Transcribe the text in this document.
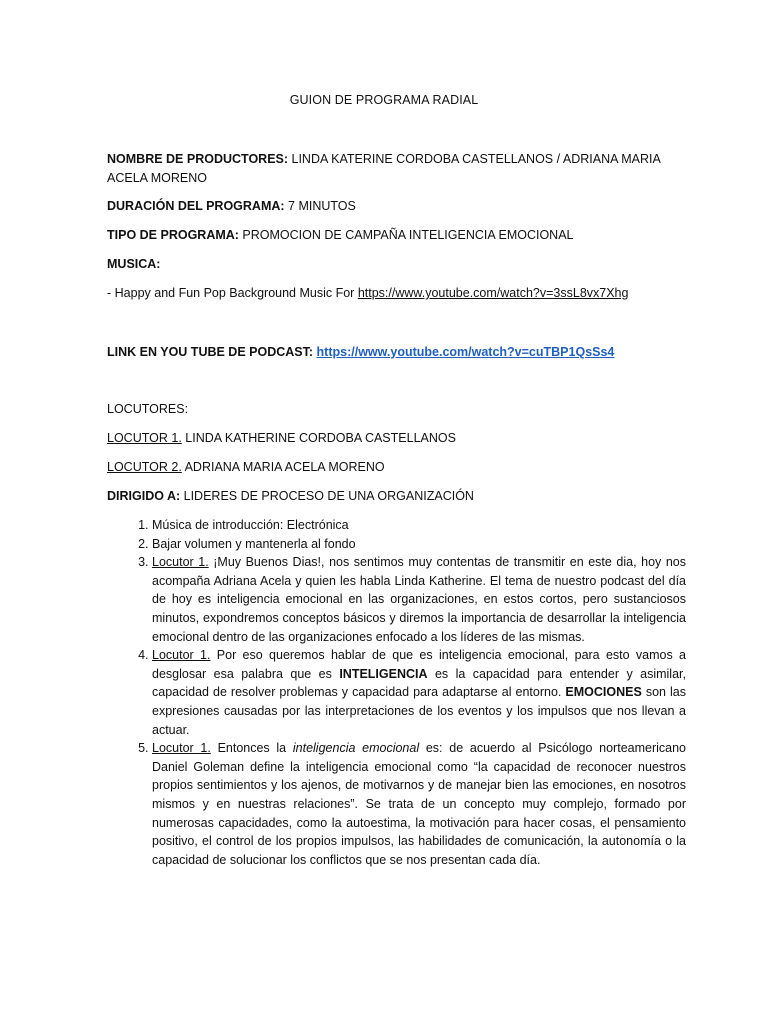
GUION DE PROGRAMA RADIAL
NOMBRE DE PRODUCTORES: LINDA KATERINE CORDOBA CASTELLANOS / ADRIANA MARIA ACELA MORENO
DURACIÓN DEL PROGRAMA: 7 MINUTOS
TIPO DE PROGRAMA: PROMOCION DE CAMPAÑA INTELIGENCIA EMOCIONAL
MUSICA:
- Happy and Fun Pop Background Music For https://www.youtube.com/watch?v=3ssL8vx7Xhg
LINK EN YOU TUBE DE PODCAST: https://www.youtube.com/watch?v=cuTBP1QsSs4
LOCUTORES:
LOCUTOR 1. LINDA KATHERINE CORDOBA CASTELLANOS
LOCUTOR 2. ADRIANA MARIA ACELA MORENO
DIRIGIDO A: LIDERES DE PROCESO DE UNA ORGANIZACIÓN
1. Música de introducción: Electrónica
2. Bajar volumen y mantenerla al fondo
3. Locutor 1. ¡Muy Buenos Dias!, nos sentimos muy contentas de transmitir en este dia, hoy nos acompaña Adriana Acela y quien les habla Linda Katherine. El tema de nuestro podcast del día de hoy es inteligencia emocional en las organizaciones, en estos cortos, pero sustanciosos minutos, expondremos conceptos básicos y diremos la importancia de desarrollar la inteligencia emocional dentro de las organizaciones enfocado a los líderes de las mismas.
4. Locutor 1. Por eso queremos hablar de que es inteligencia emocional, para esto vamos a desglosar esa palabra que es INTELIGENCIA es la capacidad para entender y asimilar, capacidad de resolver problemas y capacidad para adaptarse al entorno. EMOCIONES son las expresiones causadas por las interpretaciones de los eventos y los impulsos que nos llevan a actuar.
5. Locutor 1. Entonces la inteligencia emocional es: de acuerdo al Psicólogo norteamericano Daniel Goleman define la inteligencia emocional como “la capacidad de reconocer nuestros propios sentimientos y los ajenos, de motivarnos y de manejar bien las emociones, en nosotros mismos y en nuestras relaciones”. Se trata de un concepto muy complejo, formado por numerosas capacidades, como la autoestima, la motivación para hacer cosas, el pensamiento positivo, el control de los propios impulsos, las habilidades de comunicación, la autonomía o la capacidad de solucionar los conflictos que se nos presentan cada día.
